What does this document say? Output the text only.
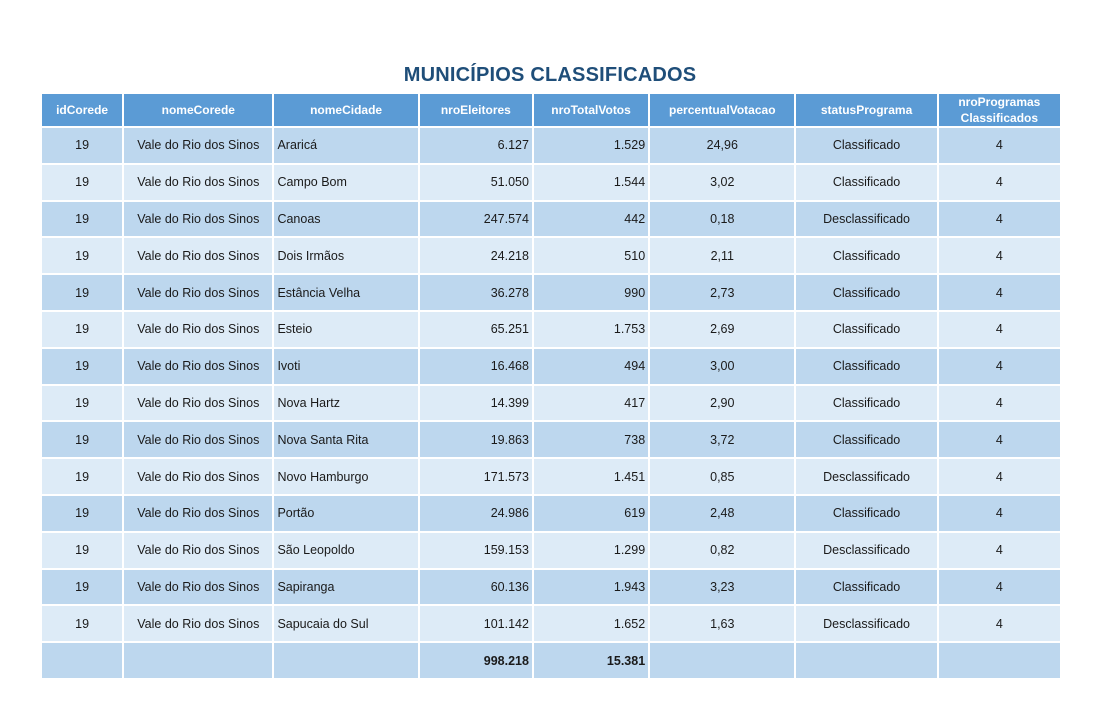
MUNICÍPIOS CLASSIFICADOS
idCorede	nomeCorede	nomeCidade	nroEleitores	nroTotalVotos	percentualVotacao	statusPrograma	nroProgramas Classificados
19	Vale do Rio dos Sinos	Araricá	6.127	1.529	24,96	Classificado	4
19	Vale do Rio dos Sinos	Campo Bom	51.050	1.544	3,02	Classificado	4
19	Vale do Rio dos Sinos	Canoas	247.574	442	0,18	Desclassificado	4
19	Vale do Rio dos Sinos	Dois Irmãos	24.218	510	2,11	Classificado	4
19	Vale do Rio dos Sinos	Estância Velha	36.278	990	2,73	Classificado	4
19	Vale do Rio dos Sinos	Esteio	65.251	1.753	2,69	Classificado	4
19	Vale do Rio dos Sinos	Ivoti	16.468	494	3,00	Classificado	4
19	Vale do Rio dos Sinos	Nova Hartz	14.399	417	2,90	Classificado	4
19	Vale do Rio dos Sinos	Nova Santa Rita	19.863	738	3,72	Classificado	4
19	Vale do Rio dos Sinos	Novo Hamburgo	171.573	1.451	0,85	Desclassificado	4
19	Vale do Rio dos Sinos	Portão	24.986	619	2,48	Classificado	4
19	Vale do Rio dos Sinos	São Leopoldo	159.153	1.299	0,82	Desclassificado	4
19	Vale do Rio dos Sinos	Sapiranga	60.136	1.943	3,23	Classificado	4
19	Vale do Rio dos Sinos	Sapucaia do Sul	101.142	1.652	1,63	Desclassificado	4
			998.218	15.381			
